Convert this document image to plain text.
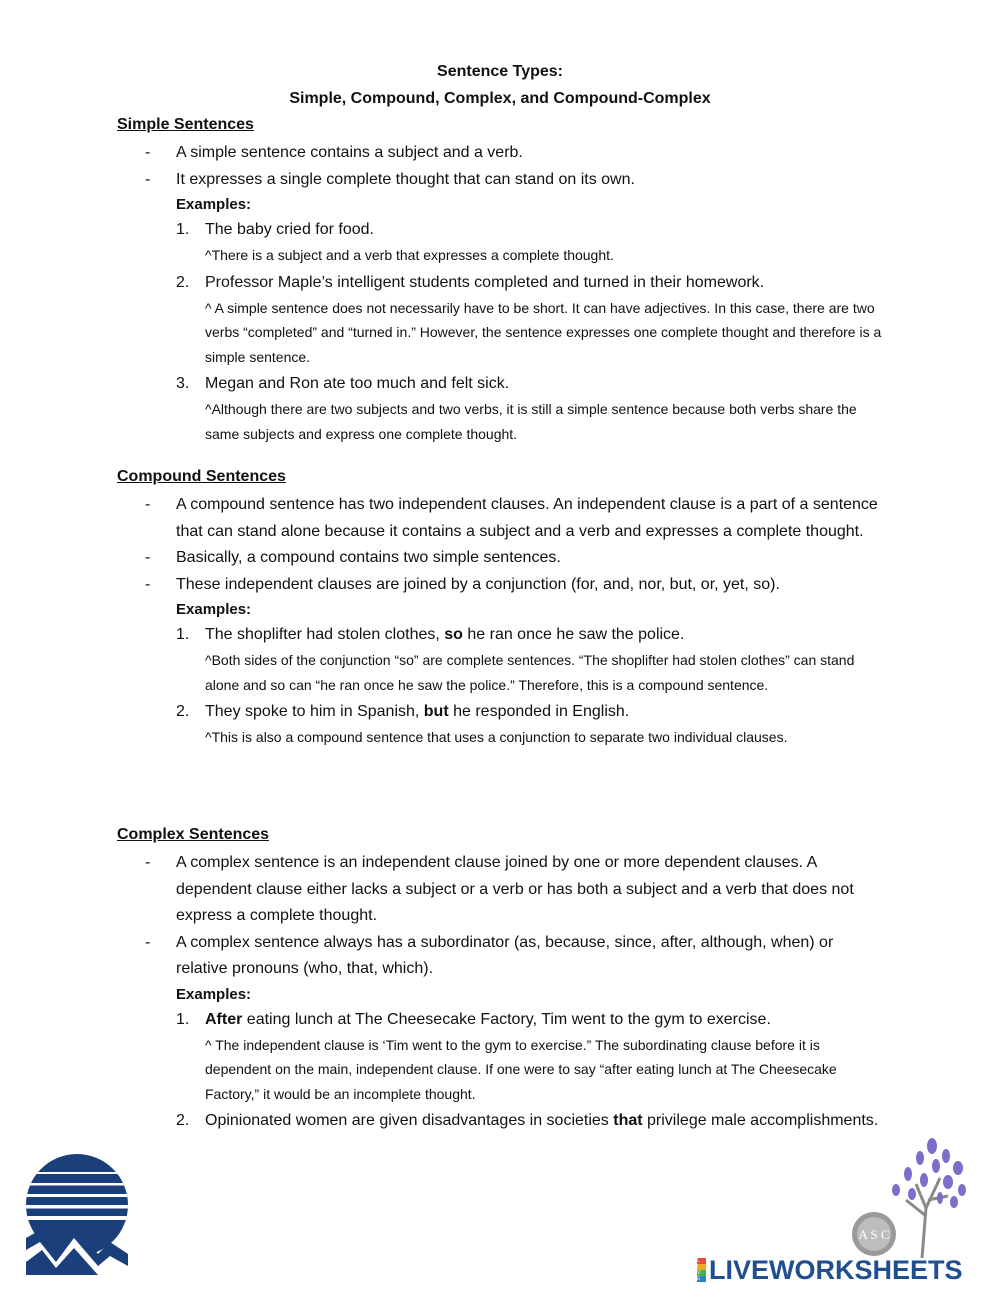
Sentence Types:
Simple, Compound, Complex, and Compound-Complex
Simple Sentences
- A simple sentence contains a subject and a verb.
- It expresses a single complete thought that can stand on its own.
Examples:
1. The baby cried for food.
^There is a subject and a verb that expresses a complete thought.
2. Professor Maple’s intelligent students completed and turned in their homework.
^ A simple sentence does not necessarily have to be short. It can have adjectives. In this case, there are two verbs “completed” and “turned in.” However, the sentence expresses one complete thought and therefore is a simple sentence.
3. Megan and Ron ate too much and felt sick.
^Although there are two subjects and two verbs, it is still a simple sentence because both verbs share the same subjects and express one complete thought.
Compound Sentences
- A compound sentence has two independent clauses. An independent clause is a part of a sentence that can stand alone because it contains a subject and a verb and expresses a complete thought.
- Basically, a compound contains two simple sentences.
- These independent clauses are joined by a conjunction (for, and, nor, but, or, yet, so).
Examples:
1. The shoplifter had stolen clothes, so he ran once he saw the police.
^Both sides of the conjunction “so” are complete sentences. “The shoplifter had stolen clothes” can stand alone and so can “he ran once he saw the police.” Therefore, this is a compound sentence.
2. They spoke to him in Spanish, but he responded in English.
^This is also a compound sentence that uses a conjunction to separate two individual clauses.
Complex Sentences
- A complex sentence is an independent clause joined by one or more dependent clauses. A dependent clause either lacks a subject or a verb or has both a subject and a verb that does not express a complete thought.
- A complex sentence always has a subordinator (as, because, since, after, although, when) or relative pronouns (who, that, which).
Examples:
1. After eating lunch at The Cheesecake Factory, Tim went to the gym to exercise.
^ The independent clause is ‘Tim went to the gym to exercise.” The subordinating clause before it is dependent on the main, independent clause. If one were to say “after eating lunch at The Cheesecake Factory,” it would be an incomplete thought.
2. Opinionated women are given disadvantages in societies that privilege male accomplishments.
A S C
L
I
V
E LIVEWORKSHEETS
